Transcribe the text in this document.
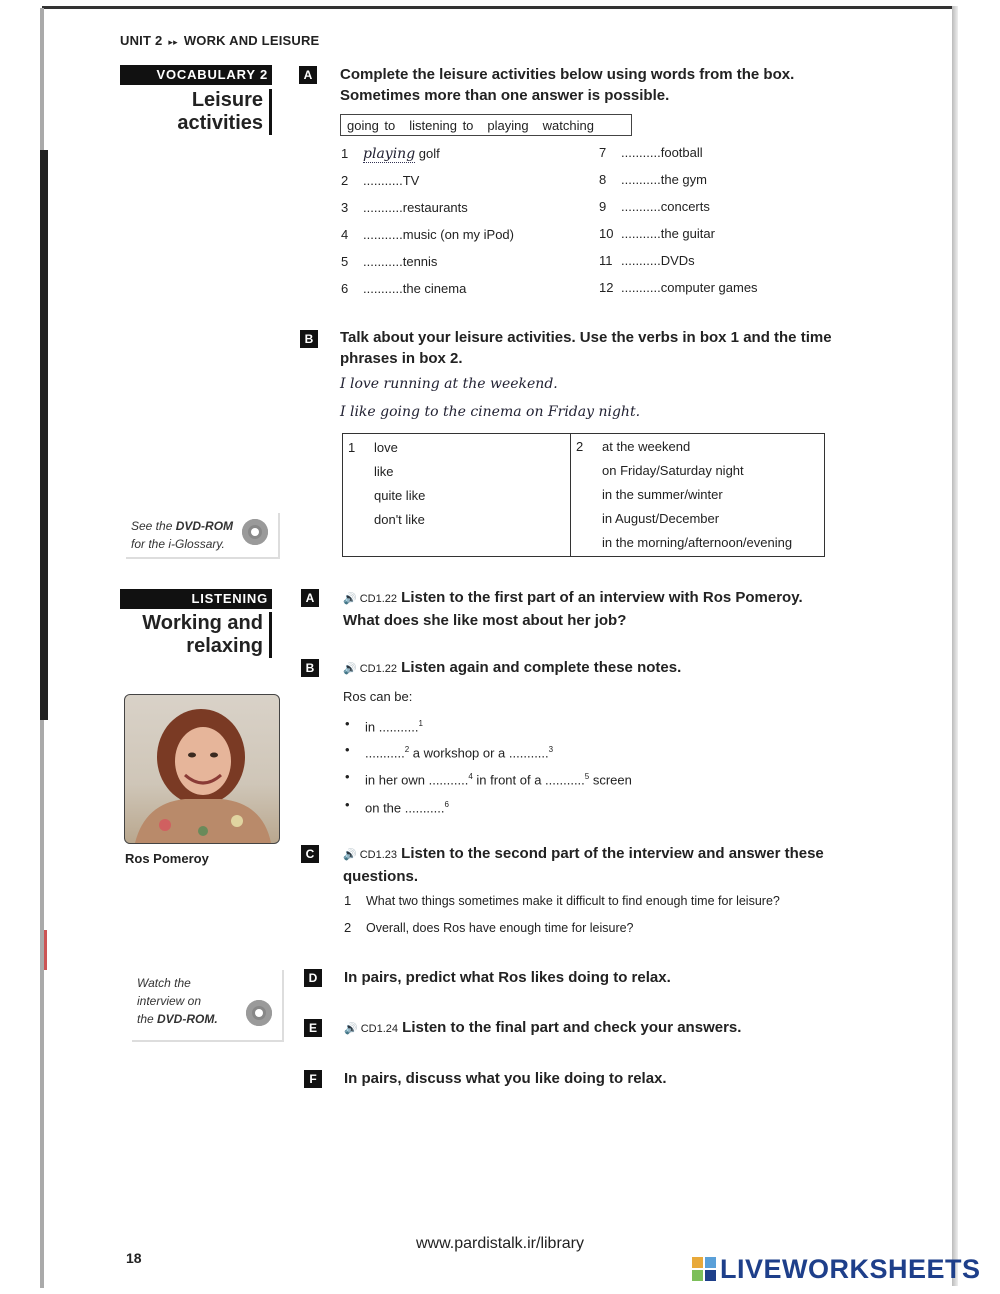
UNIT 2 ▸▸ WORK AND LEISURE
VOCABULARY 2
Leisure
activities
A	Complete the leisure activities below using words from the box.
Sometimes more than one answer is possible.
going to listening to playing watching
1 playing golf
2 ...........TV
3 ...........restaurants
4 ...........music (on my iPod)
5 ...........tennis
6 ...........the cinema
7 ...........football
8 ...........the gym
9 ...........concerts
10 ...........the guitar
11 ...........DVDs
12 ...........computer games
B	Talk about your leisure activities. Use the verbs in box 1 and the time
phrases in box 2.
I love running at the weekend.
I like going to the cinema on Friday night.
1 love
like
quite like
don't like
2 at the weekend
on Friday/Saturday night
in the summer/winter
in August/December
in the morning/afternoon/evening
See the DVD-ROM
for the i-Glossary.
LISTENING
Working and
relaxing
Ros Pomeroy
A	🔊 CD1.22 Listen to the first part of an interview with Ros Pomeroy.
What does she like most about her job?
B	🔊 CD1.22 Listen again and complete these notes.
Ros can be:
• in ...........$^1$
• ...........$^2$ a workshop or a ...........$^3$
• in her own ...........$^4$ in front of a ...........$^5$ screen
• on the ...........$^6$
C	🔊 CD1.23 Listen to the second part of the interview and answer these
questions.
1 What two things sometimes make it difficult to find enough time for leisure?
2 Overall, does Ros have enough time for leisure?
Watch the
interview on
the DVD-ROM.
D	In pairs, predict what Ros likes doing to relax.
E	🔊 CD1.24 Listen to the final part and check your answers.
F	In pairs, discuss what you like doing to relax.
www.pardistalk.ir/library
18	LIVEWORKSHEETS
